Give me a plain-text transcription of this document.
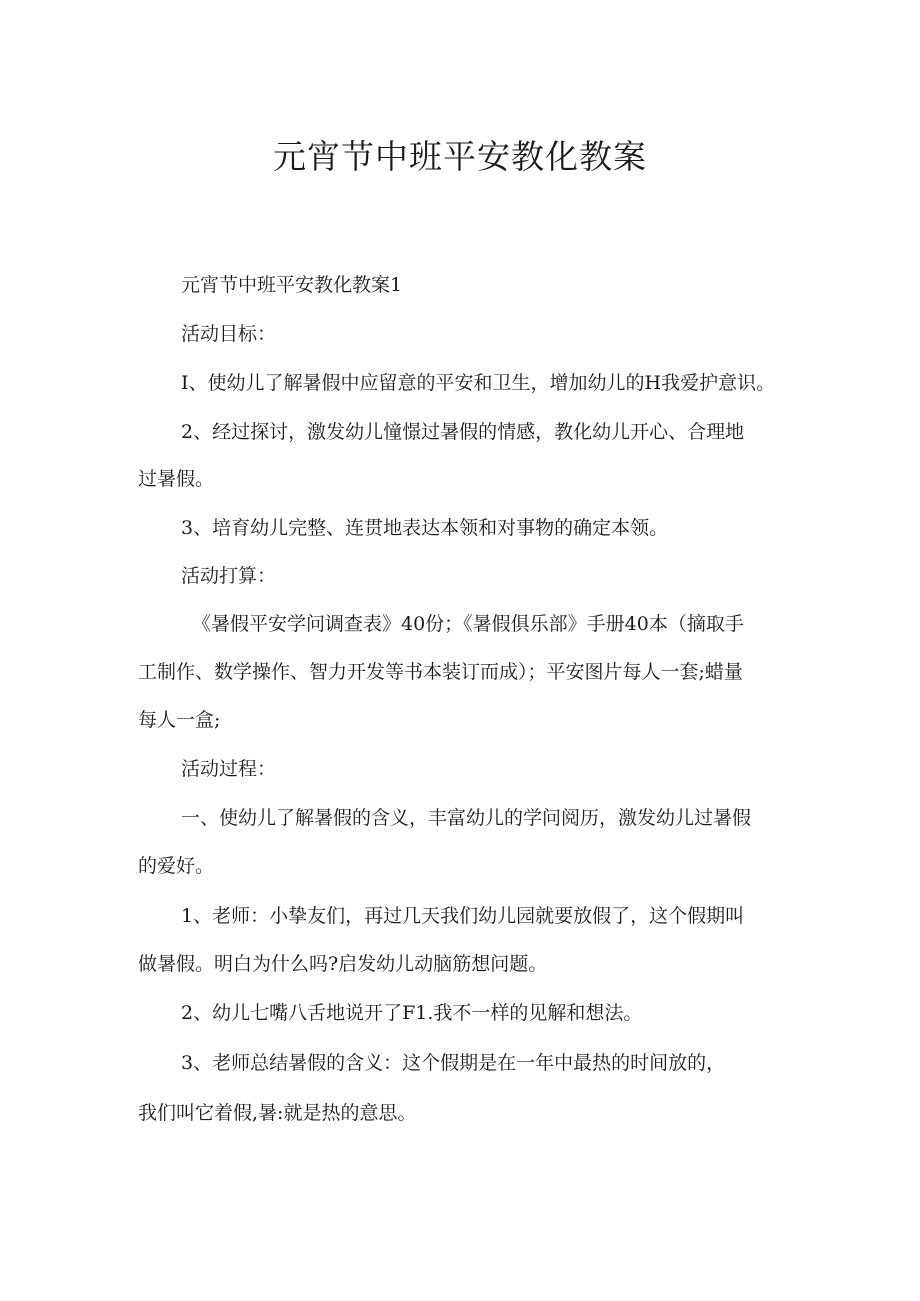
元宵节中班平安教化教案

元宵节中班平安教化教案1

活动目标：

I、使幼儿了解暑假中应留意的平安和卫生，增加幼儿的H我爱护意识。

2、经过探讨，激发幼儿憧憬过暑假的情感，教化幼儿开心、合理地

过暑假。

3、培育幼儿完整、连贯地表达本领和对事物的确定本领。

活动打算：

《暑假平安学问调查表》40份；《暑假俱乐部》手册40本（摘取手

工制作、数学操作、智力开发等书本装订而成）；平安图片每人一套;蜡量

每人一盒;

活动过程：

一、使幼儿了解暑假的含义，丰富幼儿的学问阅历，激发幼儿过暑假

的爱好。

1、老师：小挚友们，再过几天我们幼儿园就要放假了，这个假期叫

做暑假。明白为什么吗?启发幼儿动脑筋想问题。

2、幼儿七嘴八舌地说开了F1.我不一样的见解和想法。

3、老师总结暑假的含义：这个假期是在一年中最热的时间放的，

我们叫它着假,暑:就是热的意思。
